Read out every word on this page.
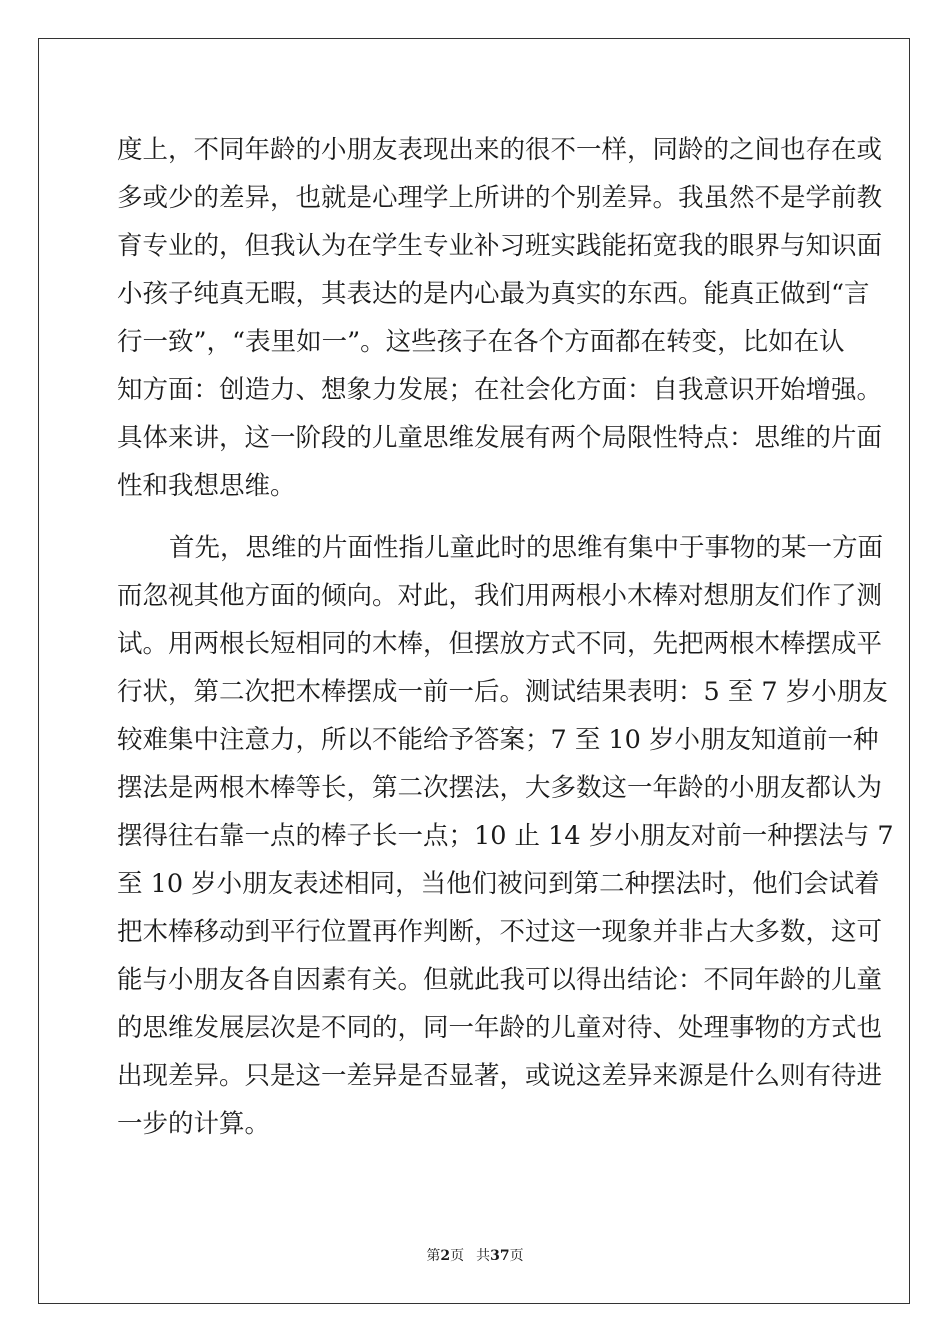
度上，不同年龄的小朋友表现出来的很不一样，同龄的之间也存在或
多或少的差异，也就是心理学上所讲的个别差异。我虽然不是学前教
育专业的，但我认为在学生专业补习班实践能拓宽我的眼界与知识面
小孩子纯真无暇，其表达的是内心最为真实的东西。能真正做到“言
行一致”，“表里如一”。这些孩子在各个方面都在转变，比如在认
知方面：创造力、想象力发展；在社会化方面：自我意识开始增强。
具体来讲，这一阶段的儿童思维发展有两个局限性特点：思维的片面
性和我想思维。
首先，思维的片面性指儿童此时的思维有集中于事物的某一方面
而忽视其他方面的倾向。对此，我们用两根小木棒对想朋友们作了测
试。用两根长短相同的木棒，但摆放方式不同，先把两根木棒摆成平
行状，第二次把木棒摆成一前一后。测试结果表明：5 至 7 岁小朋友
较难集中注意力，所以不能给予答案；7 至 10 岁小朋友知道前一种
摆法是两根木棒等长，第二次摆法，大多数这一年龄的小朋友都认为
摆得往右靠一点的棒子长一点；10 止 14 岁小朋友对前一种摆法与 7
至 10 岁小朋友表述相同，当他们被问到第二种摆法时，他们会试着
把木棒移动到平行位置再作判断，不过这一现象并非占大多数，这可
能与小朋友各自因素有关。但就此我可以得出结论：不同年龄的儿童
的思维发展层次是不同的，同一年龄的儿童对待、处理事物的方式也
出现差异。只是这一差异是否显著，或说这差异来源是什么则有待进
一步的计算。
第2页 共37页
